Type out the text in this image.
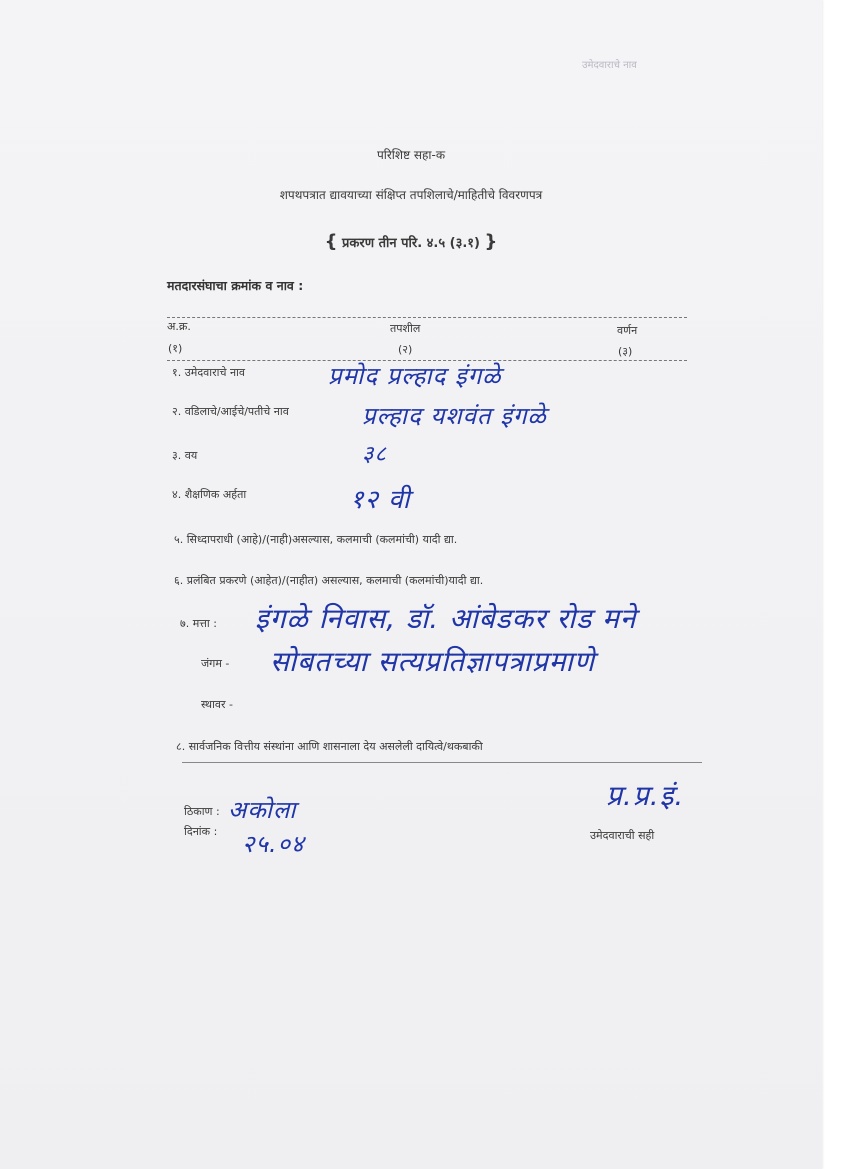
उमेदवाराचे नाव
परिशिष्ट सहा-क
शपथपत्रात द्यावयाच्या संक्षिप्त तपशिलाचे/माहितीचे विवरणपत्र
{ प्रकरण तीन परि. ४.५ (३.१) }
मतदारसंघाचा क्रमांक व नाव :
अ.क्र.	तपशील	वर्णन
(१)	(२)	(३)
१. उमेदवाराचे नाव	प्रमोद प्रल्हाद इंगळे
२. वडिलाचे/आईचे/पतीचे नाव	प्रल्हाद यशवंत इंगळे
३. वय	३८
४. शैक्षणिक अर्हता	१२ वी
५. सिध्दापराधी (आहे)/(नाही)असल्यास, कलमाची (कलमांची) यादी द्या.
६. प्रलंबित प्रकरणे (आहेत)/(नाहीत) असल्यास, कलमाची (कलमांची)यादी द्या.
७. मत्ता : इंगळे निवास, डॉ. आंबेडकर रोड मने
जंगम - सोबतच्या सत्यप्रतिज्ञापत्राप्रमाणे
स्थावर -
८. सार्वजनिक वित्तीय संस्थांना आणि शासनाला देय असलेली दायित्वे/थकबाकी
ठिकाण : अकोला
दिनांक : २५.०४
प्र.प्र.इं.
उमेदवाराची सही
